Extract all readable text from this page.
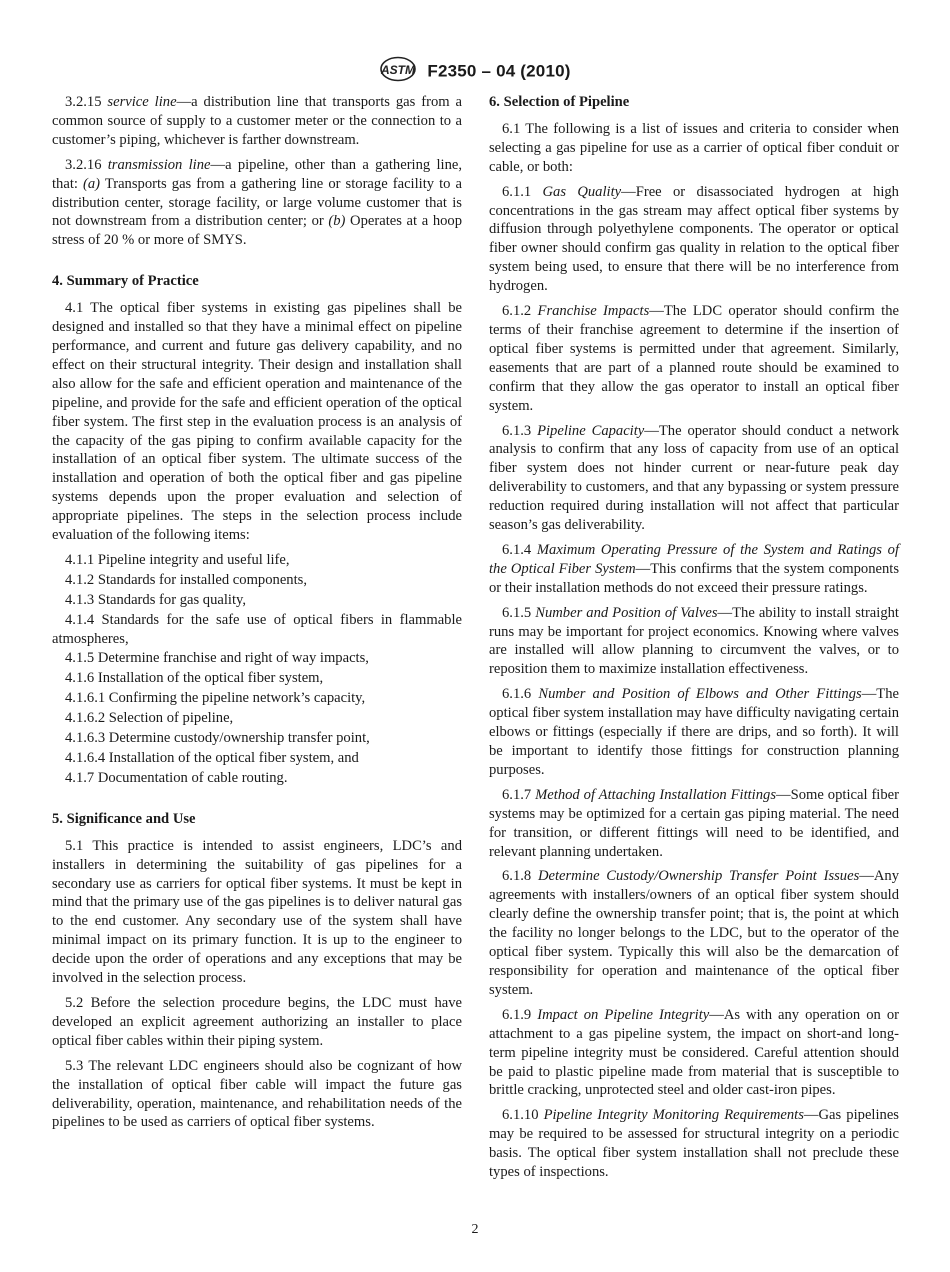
ASTM F2350 – 04 (2010)

3.2.15 service line—a distribution line that transports gas from a common source of supply to a customer meter or the connection to a customer’s piping, whichever is farther downstream.

3.2.16 transmission line—a pipeline, other than a gathering line, that: (a) Transports gas from a gathering line or storage facility to a distribution center, storage facility, or large volume customer that is not downstream from a distribution center; or (b) Operates at a hoop stress of 20 % or more of SMYS.

4. Summary of Practice

4.1 The optical fiber systems in existing gas pipelines shall be designed and installed so that they have a minimal effect on pipeline performance, and current and future gas delivery capability, and no effect on their structural integrity. Their design and installation shall also allow for the safe and efficient operation and maintenance of the pipeline, and provide for the safe and efficient operation of the optical fiber system. The first step in the evaluation process is an analysis of the capacity of the gas piping to confirm available capacity for the installation of an optical fiber system. The ultimate success of the installation and operation of both the optical fiber and gas pipeline systems depends upon the proper evaluation and selection of appropriate pipelines. The steps in the selection process include evaluation of the following items:

4.1.1 Pipeline integrity and useful life,

4.1.2 Standards for installed components,

4.1.3 Standards for gas quality,

4.1.4 Standards for the safe use of optical fibers in flammable atmospheres,

4.1.5 Determine franchise and right of way impacts,

4.1.6 Installation of the optical fiber system,

4.1.6.1 Confirming the pipeline network’s capacity,

4.1.6.2 Selection of pipeline,

4.1.6.3 Determine custody/ownership transfer point,

4.1.6.4 Installation of the optical fiber system, and

4.1.7 Documentation of cable routing.

5. Significance and Use

5.1 This practice is intended to assist engineers, LDC’s and installers in determining the suitability of gas pipelines for a secondary use as carriers for optical fiber systems. It must be kept in mind that the primary use of the gas pipelines is to deliver natural gas to the end customer. Any secondary use of the system shall have minimal impact on its primary function. It is up to the engineer to decide upon the order of operations and any exceptions that may be involved in the selection process.

5.2 Before the selection procedure begins, the LDC must have developed an explicit agreement authorizing an installer to place optical fiber cables within their piping system.

5.3 The relevant LDC engineers should also be cognizant of how the installation of optical fiber cable will impact the future gas deliverability, operation, maintenance, and rehabilitation needs of the pipelines to be used as carriers of optical fiber systems.

6. Selection of Pipeline

6.1 The following is a list of issues and criteria to consider when selecting a gas pipeline for use as a carrier of optical fiber conduit or cable, or both:

6.1.1 Gas Quality—Free or disassociated hydrogen at high concentrations in the gas stream may affect optical fiber systems by diffusion through polyethylene components. The operator or optical fiber owner should confirm gas quality in relation to the optical fiber system being used, to ensure that there will be no interference from hydrogen.

6.1.2 Franchise Impacts—The LDC operator should confirm the terms of their franchise agreement to determine if the insertion of optical fiber systems is permitted under that agreement. Similarly, easements that are part of a planned route should be examined to confirm that they allow the gas operator to install an optical fiber system.

6.1.3 Pipeline Capacity—The operator should conduct a network analysis to confirm that any loss of capacity from use of an optical fiber system does not hinder current or near-future peak day deliverability to customers, and that any bypassing or system pressure reduction required during installation will not affect that particular season’s gas deliverability.

6.1.4 Maximum Operating Pressure of the System and Ratings of the Optical Fiber System—This confirms that the system components or their installation methods do not exceed their pressure ratings.

6.1.5 Number and Position of Valves—The ability to install straight runs may be important for project economics. Knowing where valves are installed will allow planning to circumvent the valves, or to reposition them to maximize installation effectiveness.

6.1.6 Number and Position of Elbows and Other Fittings—The optical fiber system installation may have difficulty navigating certain elbows or fittings (especially if there are drips, and so forth). It will be important to identify those fittings for construction planning purposes.

6.1.7 Method of Attaching Installation Fittings—Some optical fiber systems may be optimized for a certain gas piping material. The need for transition, or different fittings will need to be identified, and relevant planning undertaken.

6.1.8 Determine Custody/Ownership Transfer Point Issues—Any agreements with installers/owners of an optical fiber system should clearly define the ownership transfer point; that is, the point at which the facility no longer belongs to the LDC, but to the operator of the optical fiber system. Typically this will also be the demarcation of responsibility for operation and maintenance of the optical fiber system.

6.1.9 Impact on Pipeline Integrity—As with any operation on or attachment to a gas pipeline system, the impact on short-and long-term pipeline integrity must be considered. Careful attention should be paid to plastic pipeline made from material that is susceptible to brittle cracking, unprotected steel and older cast-iron pipes.

6.1.10 Pipeline Integrity Monitoring Requirements—Gas pipelines may be required to be assessed for structural integrity on a periodic basis. The optical fiber system installation shall not preclude these types of inspections.

2
